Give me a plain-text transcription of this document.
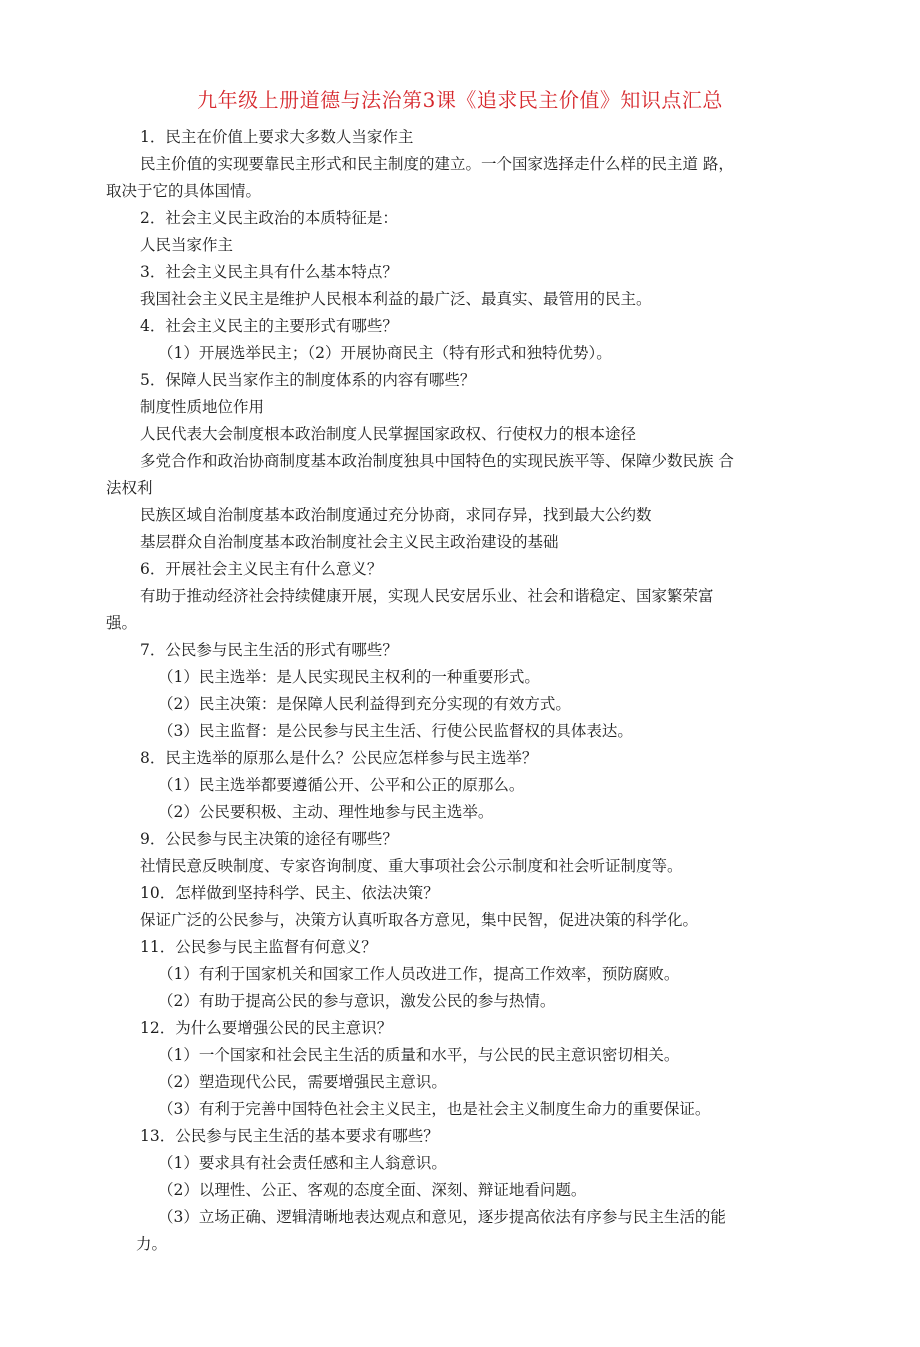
九年级上册道德与法治第3课《追求民主价值》知识点汇总
1．民主在价值上要求大多数人当家作主
民主价值的实现要靠民主形式和民主制度的建立。一个国家选择走什么样的民主道 路，
取决于它的具体国情。
2．社会主义民主政治的本质特征是：
人民当家作主
3．社会主义民主具有什么基本特点？
我国社会主义民主是维护人民根本利益的最广泛、最真实、最管用的民主。
4．社会主义民主的主要形式有哪些？
（1）开展选举民主；（2）开展协商民主（特有形式和独特优势）。
5．保障人民当家作主的制度体系的内容有哪些？
制度性质地位作用
人民代表大会制度根本政治制度人民掌握国家政权、行使权力的根本途径
多党合作和政治协商制度基本政治制度独具中国特色的实现民族平等、保障少数民族 合
法权利
民族区域自治制度基本政治制度通过充分协商，求同存异，找到最大公约数
基层群众自治制度基本政治制度社会主义民主政治建设的基础
6．开展社会主义民主有什么意义？
有助于推动经济社会持续健康开展，实现人民安居乐业、社会和谐稳定、国家繁荣富
强。
7．公民参与民主生活的形式有哪些？
（1）民主选举：是人民实现民主权利的一种重要形式。
（2）民主决策：是保障人民利益得到充分实现的有效方式。
（3）民主监督：是公民参与民主生活、行使公民监督权的具体表达。
8．民主选举的原那么是什么？公民应怎样参与民主选举？
（1）民主选举都要遵循公开、公平和公正的原那么。
（2）公民要积极、主动、理性地参与民主选举。
9．公民参与民主决策的途径有哪些？
社情民意反映制度、专家咨询制度、重大事项社会公示制度和社会听证制度等。
10．怎样做到坚持科学、民主、依法决策？
保证广泛的公民参与，决策方认真听取各方意见，集中民智，促进决策的科学化。
11．公民参与民主监督有何意义？
（1）有利于国家机关和国家工作人员改进工作，提高工作效率，预防腐败。
（2）有助于提高公民的参与意识，激发公民的参与热情。
12．为什么要增强公民的民主意识？
（1）一个国家和社会民主生活的质量和水平，与公民的民主意识密切相关。
（2）塑造现代公民，需要增强民主意识。
（3）有利于完善中国特色社会主义民主，也是社会主义制度生命力的重要保证。
13．公民参与民主生活的基本要求有哪些？
（1）要求具有社会责任感和主人翁意识。
（2）以理性、公正、客观的态度全面、深刻、辩证地看问题。
（3）立场正确、逻辑清晰地表达观点和意见，逐步提高依法有序参与民主生活的能
力。
